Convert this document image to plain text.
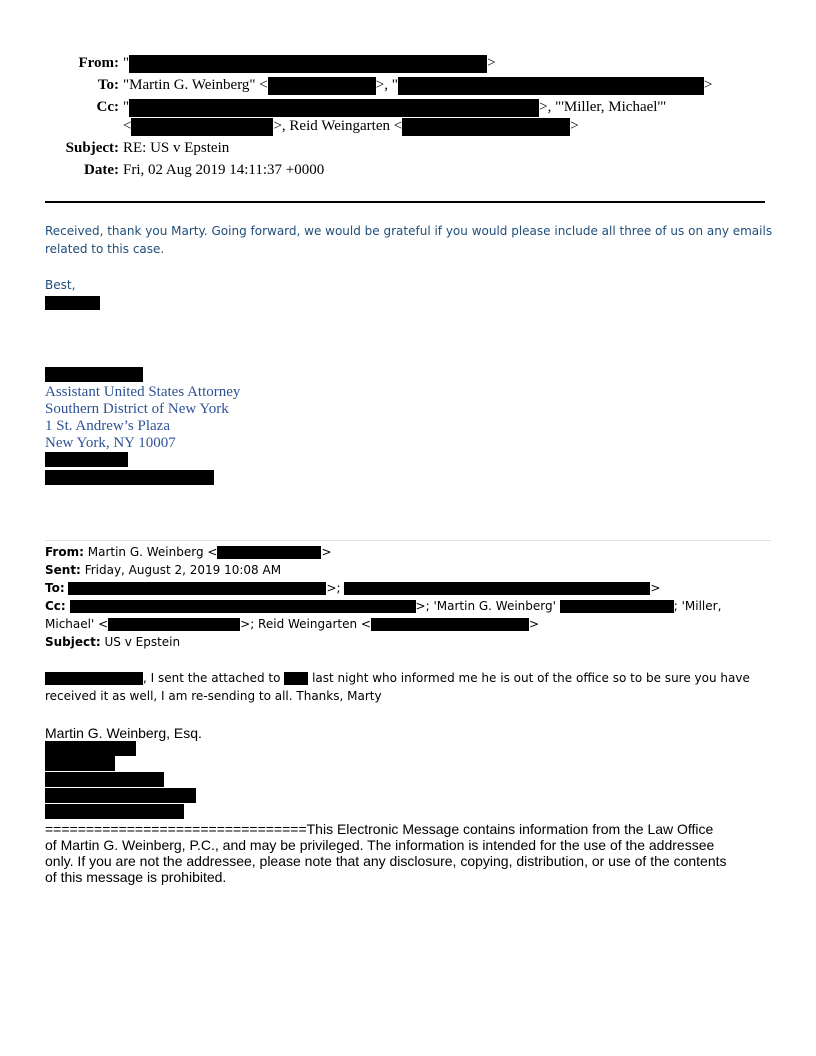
From: "	>
To: "Martin G. Weinberg" <	>, "	>
Cc: "	>, "'Miller, Michael'"
<	>, Reid Weingarten <	>
Subject: RE: US v Epstein
Date: Fri, 02 Aug 2019 14:11:37 +0000
Received, thank you Marty. Going forward, we would be grateful if you would please include all three of us on any emails related to this case.
Best,
Assistant United States Attorney
Southern District of New York
1 St. Andrew’s Plaza
New York, NY 10007
From: Martin G. Weinberg <	>
Sent: Friday, August 2, 2019 10:08 AM
To:	>;	>
Cc:	>; 'Martin G. Weinberg'	; 'Miller,
Michael' <	>; Reid Weingarten <	>
Subject: US v Epstein
, I sent the attached to	last night who informed me he is out of the office so to be sure you have
received it as well, I am re-sending to all. Thanks, Marty
Martin G. Weinberg, Esq.
================================This Electronic Message contains information from the Law Office
of Martin G. Weinberg, P.C., and may be privileged. The information is intended for the use of the addressee
only. If you are not the addressee, please note that any disclosure, copying, distribution, or use of the contents
of this message is prohibited.
